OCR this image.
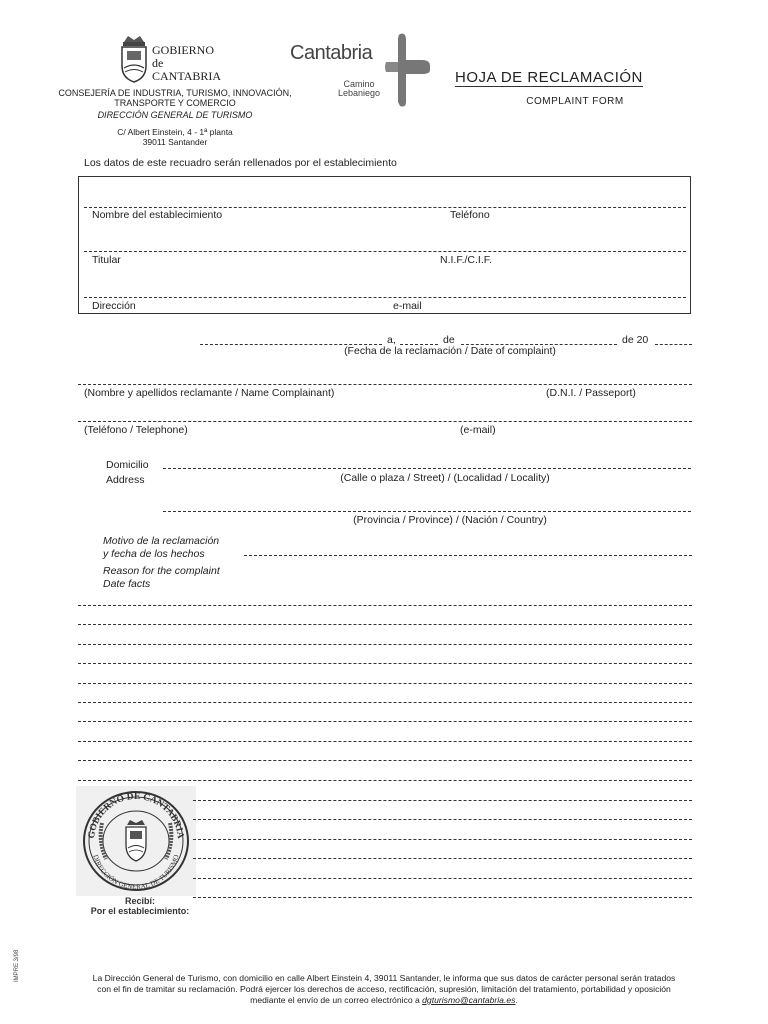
GOBIERNO
de
CANTABRIA
CONSEJERÍA DE INDUSTRIA, TURISMO, INNOVACIÓN,
TRANSPORTE Y COMERCIO
DIRECCIÓN GENERAL DE TURISMO
C/ Albert Einstein, 4 - 1ª planta
39011 Santander
Cantabria
Camino
Lebaniego
HOJA DE RECLAMACIÓN
COMPLAINT FORM
Los datos de este recuadro serán rellenados por el establecimiento
Nombre del establecimiento	Teléfono
Titular	N.I.F./C.I.F.
Dirección	e-mail
a,	de	de 20
(Fecha de la reclamación / Date of complaint)
(Nombre y apellidos reclamante / Name Complainant)	(D.N.I. / Passeport)
(Teléfono / Telephone)	(e-mail)
Domicilio
Address	(Calle o plaza / Street) / (Localidad / Locality)
(Provincia / Province) / (Nación / Country)
Motivo de la reclamación
y fecha de los hechos
Reason for the complaint
Date facts
GOBIERNO DE CANTABRIA
DIRECCIÓN GENERAL DE TURISMO
Recibí:
Por el establecimiento:
IMPRE 3/98	La Dirección General de Turismo, con domicilio en calle Albert Einstein 4, 39011 Santander, le informa que sus datos de carácter personal serán tratados
con el fin de tramitar su reclamación. Podrá ejercer los derechos de acceso, rectificación, supresión, limitación del tratamiento, portabilidad y oposición
mediante el envío de un correo electrónico a dgturismo@cantabria.es.
